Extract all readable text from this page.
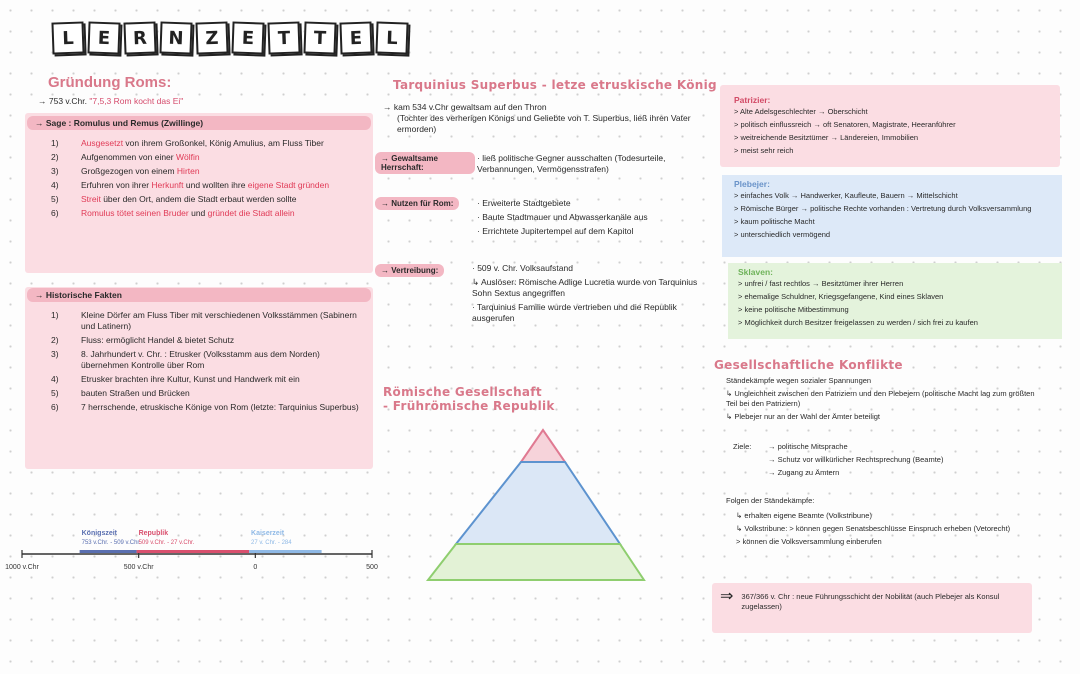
L	E	R	N	Z	E	T	T	E	L
Gründung Roms:
→ 753 v.Chr. "7,5,3 Rom kocht das Ei"
→ Sage : Romulus und Remus (Zwillinge)
1)	Ausgesetzt von ihrem Großonkel, König Amulius, am Fluss Tiber
2)	Aufgenommen von einer Wölfin
3)	Großgezogen von einem Hirten
4)	Erfuhren von ihrer Herkunft und wollten ihre eigene Stadt gründen
5)	Streit über den Ort, andem die Stadt erbaut werden sollte
6)	Romulus tötet seinen Bruder und gründet die Stadt allein
→ Historische Fakten
1)	Kleine Dörfer am Fluss Tiber mit verschiedenen Volksstämmen (Sabinern und Latinern)
2)	Fluss: ermöglicht Handel & bietet Schutz
3)	8. Jahrhundert v. Chr. : Etrusker (Volksstamm aus dem Norden) übernehmen Kontrolle über Rom
4)	Etrusker brachten ihre Kultur, Kunst und Handwerk mit ein
5)	bauten Straßen und Brücken
6)	7 herrschende, etruskische Könige von Rom (letzte: Tarquinius Superbus)
1000 v.Chr	500 v.Chr	0	500
Königszeit
753 v.Chr. - 509 v.Chr.
Republik
509 v.Chr. - 27 v.Chr.
Kaiserzeit
27 v. Chr. - 284
Tarquinius Superbus - letze etruskische König
→ kam 534 v.Chr gewaltsam auf den Thron
(Tochter des verherigen Königs und Geliebte von T. Superbus, ließ ihren Vater ermorden)
→ Gewaltsame Herrschaft:
· ließ politische Gegner ausschalten (Todesurteile, Verbannungen, Vermögensstrafen)
→ Nutzen für Rom:	· Erweiterte Stadtgebiete
· Baute Stadtmauer und Abwasserkanäle aus
· Errichtete Jupitertempel auf dem Kapitol
→ Vertreibung:	· 509 v. Chr. Volksaufstand
↳ Auslöser: Römische Adlige Lucretia wurde von Tarquinius Sohn Sextus angegriffen
· Tarquinius Familie wurde vertrieben und die Republik ausgerufen
Römische Gesellschaft
- Frührömische Republik
Patrizier:
> Alte Adelsgeschlechter → Oberschicht
> politisch einflussreich → oft Senatoren, Magistrate, Heeranführer
> weitreichende Besitztümer → Ländereien, Immobilien
> meist sehr reich
Plebejer:
> einfaches Volk → Handwerker, Kaufleute, Bauern → Mittelschicht
> Römische Bürger → politische Rechte vorhanden : Vertretung durch Volksversammlung
> kaum politische Macht
> unterschiedlich vermögend
Sklaven:
> unfrei / fast rechtlos → Besitztümer ihrer Herren
> ehemalige Schuldner, Kriegsgefangene, Kind eines Sklaven
> keine politische Mitbestimmung
> Möglichkeit durch Besitzer freigelassen zu werden / sich frei zu kaufen
Gesellschaftliche Konflikte
Ständekämpfe wegen sozialer Spannungen
↳ Ungleichheit zwischen den Patriziern und den Plebejern (politische Macht lag zum größten Teil bei den Patriziern)
↳ Plebejer nur an der Wahl der Ämter beteiligt
Ziele: → politische Mitsprache
→ Schutz vor willkürlicher Rechtsprechung (Beamte)
→ Zugang zu Ämtern
Folgen der Ständekämpfe:
↳ erhalten eigene Beamte (Volkstribune)
↳ Volkstribune: > können gegen Senatsbeschlüsse Einspruch erheben (Vetorecht)
> können die Volksversammlung einberufen
⇒ 367/366 v. Chr : neue Führungsschicht der Nobilität (auch Plebejer als Konsul zugelassen)
